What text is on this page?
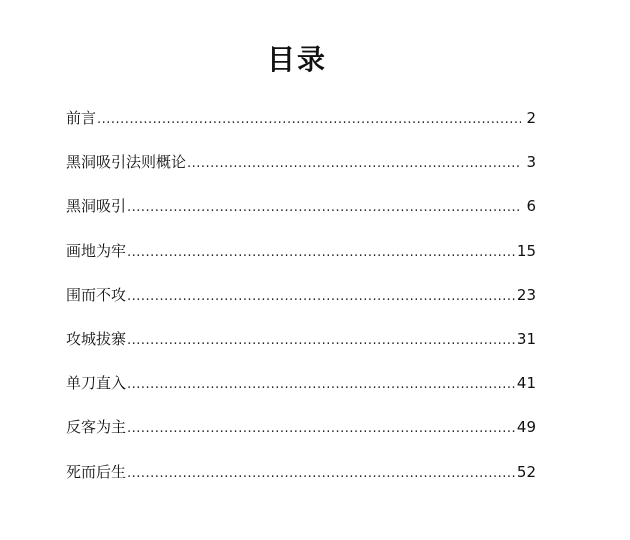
目录
前言 .....	2
黑洞吸引法则概论 .....	3
黑洞吸引 .....	6
画地为牢 .....	15
围而不攻 .....	23
攻城拔寨 .....	31
单刀直入 .....	41
反客为主 .....	49
死而后生 .....	52
